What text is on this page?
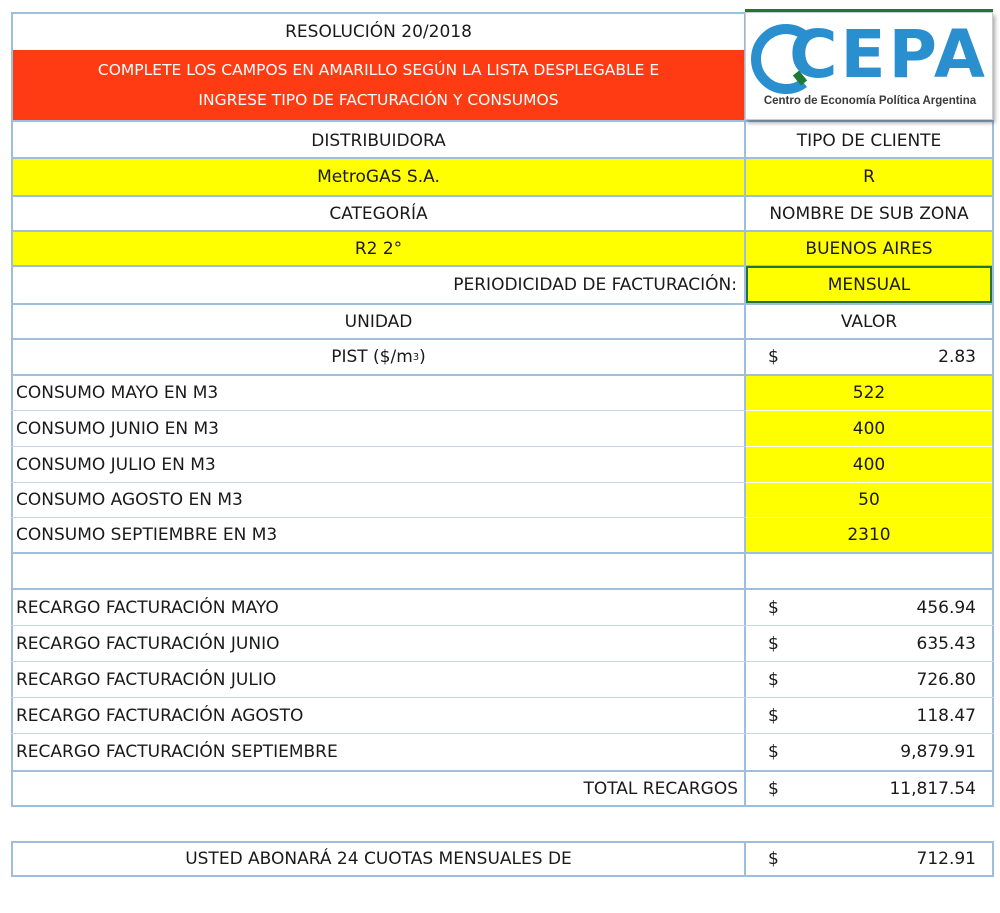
RESOLUCIÓN 20/2018
COMPLETE LOS CAMPOS EN AMARILLO SEGÚN LA LISTA DESPLEGABLE E
INGRESE TIPO DE FACTURACIÓN Y CONSUMOS
CEPA
Centro de Economía Política Argentina
DISTRIBUIDORA	TIPO DE CLIENTE
MetroGAS S.A.	R
CATEGORÍA	NOMBRE DE SUB ZONA
R2 2°	BUENOS AIRES
PERIODICIDAD DE FACTURACIÓN:	MENSUAL
UNIDAD	VALOR
PIST ($/m 3 )	$	2.83
CONSUMO MAYO EN M3	522
CONSUMO JUNIO EN M3	400
CONSUMO JULIO EN M3	400
CONSUMO AGOSTO EN M3	50
CONSUMO SEPTIEMBRE EN M3	2310
RECARGO FACTURACIÓN MAYO	$	456.94
RECARGO FACTURACIÓN JUNIO	$	635.43
RECARGO FACTURACIÓN JULIO	$	726.80
RECARGO FACTURACIÓN AGOSTO	$	118.47
RECARGO FACTURACIÓN SEPTIEMBRE	$	9,879.91
TOTAL RECARGOS $	11,817.54
USTED ABONARÁ 24 CUOTAS MENSUALES DE	$	712.91
